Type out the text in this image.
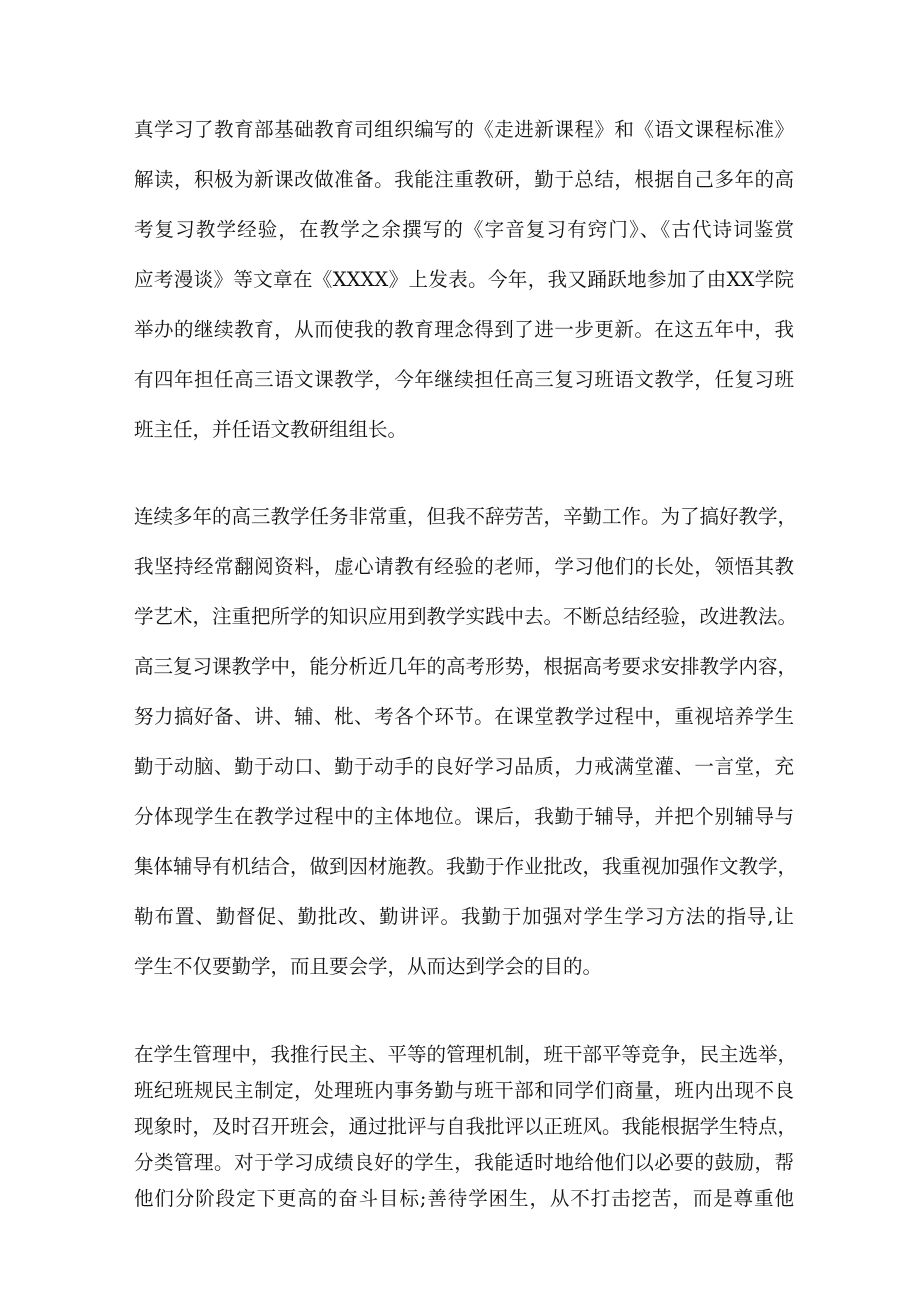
真学习了教育部基础教育司组织编写的《走进新课程》和《语文课程标准》

解读，积极为新课改做准备。我能注重教研，勤于总结，根据自己多年的高

考复习教学经验，在教学之余撰写的《字音复习有窍门》、《古代诗词鉴赏

应考漫谈》等文章在《XXXX》上发表。今年，我又踊跃地参加了由XX学院

举办的继续教育，从而使我的教育理念得到了进一步更新。在这五年中，我

有四年担任高三语文课教学，今年继续担任高三复习班语文教学，任复习班

班主任，并任语文教研组组长。

连续多年的高三教学任务非常重，但我不辞劳苦，辛勤工作。为了搞好教学，

我坚持经常翻阅资料，虚心请教有经验的老师，学习他们的长处，领悟其教

学艺术，注重把所学的知识应用到教学实践中去。不断总结经验，改进教法。

高三复习课教学中，能分析近几年的高考形势，根据高考要求安排教学内容，

努力搞好备、讲、辅、枇、考各个环节。在课堂教学过程中，重视培养学生

勤于动脑、勤于动口、勤于动手的良好学习品质，力戒满堂灌、一言堂，充

分体现学生在教学过程中的主体地位。课后，我勤于辅导，并把个别辅导与

集体辅导有机结合，做到因材施教。我勤于作业批改，我重视加强作文教学，

勒布置、勤督促、勤批改、勤讲评。我勤于加强对学生学习方法的指导,让

学生不仅要勤学，而且要会学，从而达到学会的目的。

在学生管理中，我推行民主、平等的管理机制，班干部平等竞争，民主选举，

班纪班规民主制定，处理班内事务勤与班干部和同学们商量，班内出现不良

现象时，及时召开班会，通过批评与自我批评以正班风。我能根据学生特点，

分类管理。对于学习成绩良好的学生，我能适时地给他们以必要的鼓励，帮

他们分阶段定下更高的奋斗目标;善待学困生，从不打击挖苦，而是尊重他
